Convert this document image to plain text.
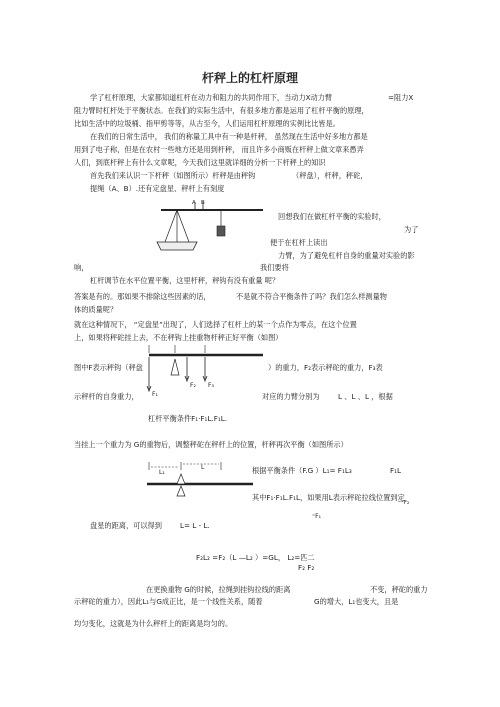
杆秤上的杠杆原理
学了杠杆原理，大家都知道杠杆在动力和阻力的共同作用下，当动力X动力臂	=阻力X
阻力臂时杠杆处于平衡状态。在我们的实际生活中，有很多地方都是运用了杠杆平衡的原理，
比如生活中的垃圾桶、指甲剪等等，从古至今，人们运用杠杆原理的实例比比皆是。
在我们的日常生活中， 我们的称量工具中有一种是杆秤， 虽然现在生活中好多地方都是
用到了电子称，但是在农村一些地方还是用到杆秤， 而且许多小商贩在杆秤上做文章来愚弄
人们，到底杆秤上有什么文章呢，今天我们这里就详细的分析一下杆秤上的知识
首先我们来认识一下杆秤（如图所示）杆秤是由秤钩	（秤盘），杆秤，秤砣，
提绳（A、B）.还有定盘星、秤杆上有刻度
A B
回想我们在做杠杆平衡的实验时，
为了
便于在杠杆上读出
力臂，为了避免杠杆自身的重量对实验的影
响，	我们要将
杠杆调节在水平位置平衡，这里杆秤，秤钩有没有重量 呢？
答案是有的。那如果不排除这些因素的话，	不是就不符合平衡条件了吗？我们怎么样测量物
体的质量呢？
就在这种情况下， “定盘星”出现了，人们选择了杠杆上的某一个点作为零点，在这个位置
上，如果将秤砣挂上去，不在秤钩上挂重物杆秤正好平衡（如图）
F₁
F₂ F₃
图中F表示秤钩（秤盘	）的重力，F₂表示秤砣的重力，F₃表
示秤杆的自身重力，	对应的力臂分别为	L 、L 、L ，根据
杠杆平衡条件F₁·F₁L.F₁L.
当挂上一个重力为 G的重物后，调整秤砣在秤杆上的位置，杆秤再次平衡（如图所示）
L₁
L	根据平衡条件（F.G ）L₁= F₁L₃	F₁L
其中F₁·F₁L.F₁L，如果用L表示秤砣拉线位置到定
⁼⁼F₂
⁼F₁
盘星的距离，可以得到	L= L - L.
F₂L₂ =F₂（L —L₂ ）=GL， L₂=匹二
F₂ F₂
在更换重物 G的时候，拉绳到挂钩拉线的距离	不变，秤砣的重力
示秤砣的重力），因此L₁与G成正比，是一个线性关系，随着	G的增大，L₁也变大，且是
均匀变化，这就是为什么秤杆上的距离是均匀的。
